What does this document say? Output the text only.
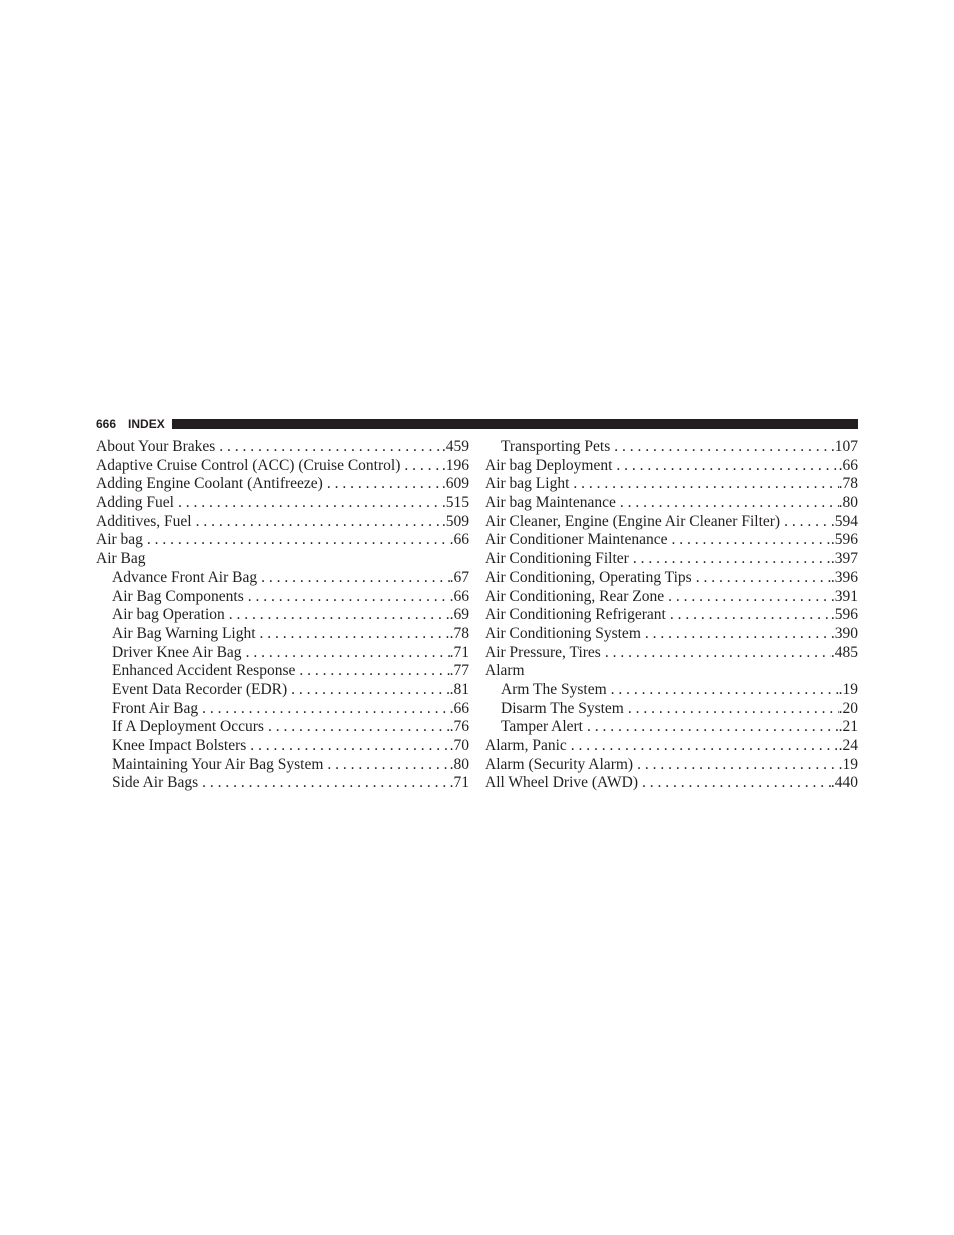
666 INDEX
About Your Brakes . . .	.459
Adaptive Cruise Control (ACC) (Cruise Control) . . .	.196
Adding Engine Coolant (Antifreeze) . . .	.609
Adding Fuel . . .	.515
Additives, Fuel . . .	.509
Air bag . . .	.66
Air Bag
Advance Front Air Bag . . .	.67
Air Bag Components . . .	.66
Air bag Operation . . .	.69
Air Bag Warning Light . . .	.78
Driver Knee Air Bag . . .	.71
Enhanced Accident Response . . .	.77
Event Data Recorder (EDR) . . .	.81
Front Air Bag . . .	.66
If A Deployment Occurs . . .	.76
Knee Impact Bolsters . . .	.70
Maintaining Your Air Bag System . . .	.80
Side Air Bags . . .	.71
Transporting Pets . . .	.107
Air bag Deployment . . .	.66
Air bag Light . . .	.78
Air bag Maintenance . . .	.80
Air Cleaner, Engine (Engine Air Cleaner Filter) . . .	.594
Air Conditioner Maintenance . . .	.596
Air Conditioning Filter . . .	.397
Air Conditioning, Operating Tips . . .	.396
Air Conditioning, Rear Zone . . .	.391
Air Conditioning Refrigerant . . .	.596
Air Conditioning System . . .	.390
Air Pressure, Tires . . .	.485
Alarm
Arm The System . . .	.19
Disarm The System . . .	.20
Tamper Alert . . .	.21
Alarm, Panic . . .	.24
Alarm (Security Alarm) . . .	.19
All Wheel Drive (AWD) . . .	.440
